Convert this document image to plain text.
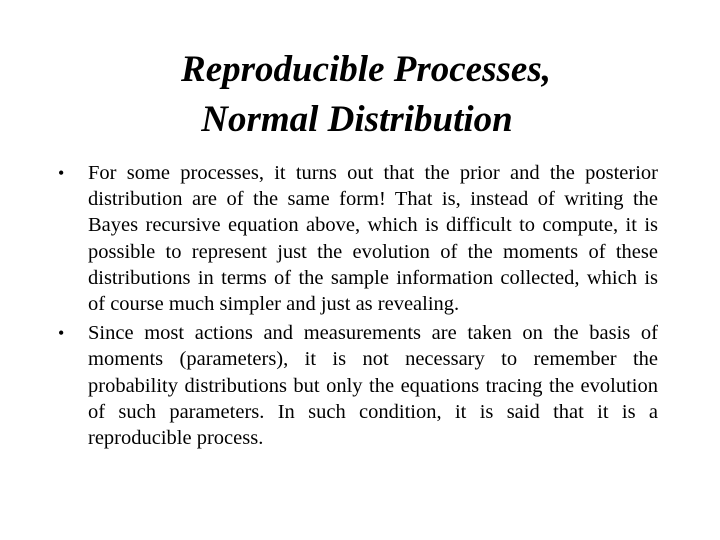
Reproducible Processes,
Normal Distribution
•	For some processes, it turns out that the prior and the posterior distribution are of the same form! That is, instead of writing the Bayes recursive equation above, which is difficult to compute, it is possible to represent just the evolution of the moments of these distributions in terms of the sample information collected, which is of course much simpler and just as revealing.
•	Since most actions and measurements are taken on the basis of moments (parameters), it is not necessary to remember the probability distributions but only the equations tracing the evolution of such parameters. In such condition, it is said that it is a reproducible process.
